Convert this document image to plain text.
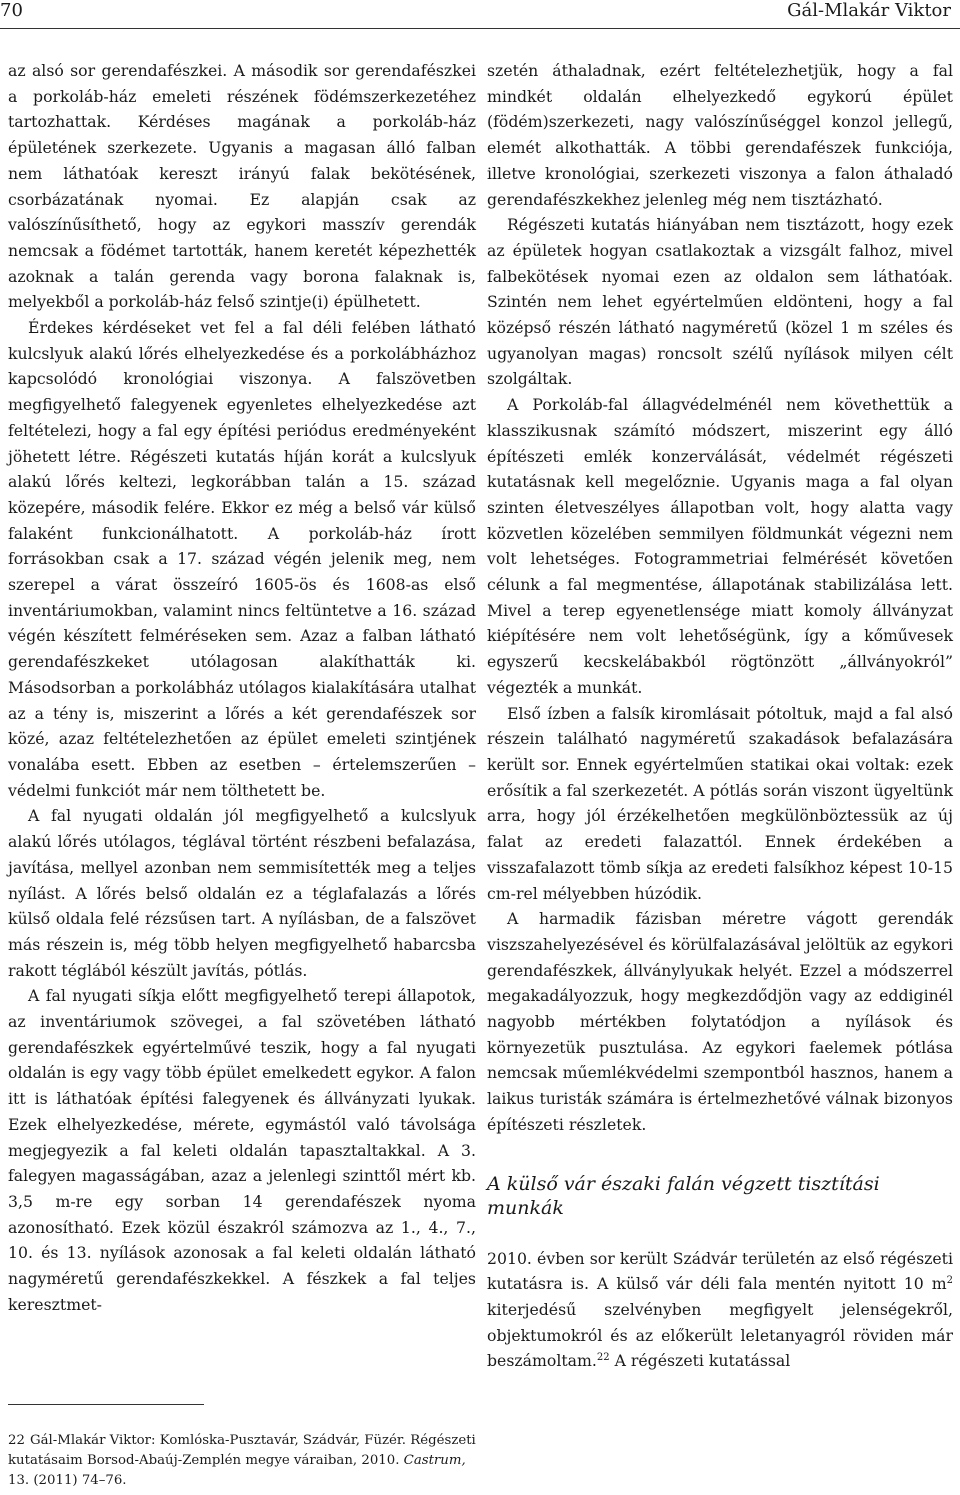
70	Gál-Mlakár Viktor

az alsó sor gerendafészkei. A második sor gerendafészkei a porkoláb-ház emeleti részének födémszerkezetéhez tartozhattak. Kérdéses magának a porkoláb-ház épületének szerkezete. Ugyanis a magasan álló falban nem láthatóak kereszt irányú falak bekötésének, csorbázatának nyomai. Ez alapján csak az valószínűsíthető, hogy az egykori masszív gerendák nemcsak a födémet tartották, hanem keretét képezhették azoknak a talán gerenda vagy borona falaknak is, melyekből a porkoláb-ház felső szintje(i) épülhetett.

Érdekes kérdéseket vet fel a fal déli felében látható kulcslyuk alakú lőrés elhelyezkedése és a porkolábházhoz kapcsolódó kronológiai viszonya. A falszövetben megfigyelhető falegyenek egyenletes elhelyezkedése azt feltételezi, hogy a fal egy építési periódus eredményeként jöhetett létre. Régészeti kutatás híján korát a kulcslyuk alakú lőrés keltezi, legkorábban talán a 15. század közepére, második felére. Ekkor ez még a belső vár külső falaként funkcionálhatott. A porkoláb-ház írott forrásokban csak a 17. század végén jelenik meg, nem szerepel a várat összeíró 1605-ös és 1608-as első inventáriumokban, valamint nincs feltüntetve a 16. század végén készített felméréseken sem. Azaz a falban látható gerendafészkeket utólagosan alakíthatták ki. Másodsorban a porkolábház utólagos kialakítására utalhat az a tény is, miszerint a lőrés a két gerendafészek sor közé, azaz feltételezhetően az épület emeleti szintjének vonalába esett. Ebben az esetben – értelemszerűen – védelmi funkciót már nem tölthetett be.

A fal nyugati oldalán jól megfigyelhető a kulcslyuk alakú lőrés utólagos, téglával történt részbeni befalazása, javítása, mellyel azonban nem semmisítették meg a teljes nyílást. A lőrés belső oldalán ez a téglafalazás a lőrés külső oldala felé rézsűsen tart. A nyílásban, de a falszövet más részein is, még több helyen megfigyelhető habarcsba rakott téglából készült javítás, pótlás.

A fal nyugati síkja előtt megfigyelhető terepi állapotok, az inventáriumok szövegei, a fal szövetében látható gerendafészkek egyértelművé teszik, hogy a fal nyugati oldalán is egy vagy több épület emelkedett egykor. A falon itt is láthatóak építési falegyenek és állványzati lyukak. Ezek elhelyezkedése, mérete, egymástól való távolsága megjegyezik a fal keleti oldalán tapasztaltakkal. A 3. falegyen magasságában, azaz a jelenlegi szinttől mért kb. 3,5 m-re egy sorban 14 gerendafészek nyoma azonosítható. Ezek közül északról számozva az 1., 4., 7., 10. és 13. nyílások azonosak a fal keleti oldalán látható nagyméretű gerendafészkekkel. A fészkek a fal teljes keresztmet-

szetén áthaladnak, ezért feltételezhetjük, hogy a fal mindkét oldalán elhelyezkedő egykorú épület (födém)szerkezeti, nagy valószínűséggel konzol jellegű, elemét alkothatták. A többi gerendafészek funkciója, illetve kronológiai, szerkezeti viszonya a falon áthaladó gerendafészkekhez jelenleg még nem tisztázható.

Régészeti kutatás hiányában nem tisztázott, hogy ezek az épületek hogyan csatlakoztak a vizsgált falhoz, mivel falbekötések nyomai ezen az oldalon sem láthatóak. Szintén nem lehet egyértelműen eldönteni, hogy a fal középső részén látható nagyméretű (közel 1 m széles és ugyanolyan magas) roncsolt szélű nyílások milyen célt szolgáltak.

A Porkoláb-fal állagvédelménél nem követhettük a klasszikusnak számító módszert, miszerint egy álló építészeti emlék konzerválását, védelmét régészeti kutatásnak kell megelőznie. Ugyanis maga a fal olyan szinten életveszélyes állapotban volt, hogy alatta vagy közvetlen közelében semmilyen földmunkát végezni nem volt lehetséges. Fotogrammetriai felmérését követően célunk a fal megmentése, állapotának stabilizálása lett. Mivel a terep egyenetlensége miatt komoly állványzat kiépítésére nem volt lehetőségünk, így a kőművesek egyszerű kecskelábakból rögtönzött „állványokról” végezték a munkát.

Első ízben a falsík kiromlásait pótoltuk, majd a fal alsó részein található nagyméretű szakadások befalazására került sor. Ennek egyértelműen statikai okai voltak: ezek erősítik a fal szerkezetét. A pótlás során viszont ügyeltünk arra, hogy jól érzékelhetően megkülönböztessük az új falat az eredeti falazattól. Ennek érdekében a visszafalazott tömb síkja az eredeti falsíkhoz képest 10-15 cm-rel mélyebben húzódik.

A harmadik fázisban méretre vágott gerendák viszszahelyezésével és körülfalazásával jelöltük az egykori gerendafészkek, állványlyukak helyét. Ezzel a módszerrel megakadályozzuk, hogy megkezdődjön vagy az eddiginél nagyobb mértékben folytatódjon a nyílások és környezetük pusztulása. Az egykori faelemek pótlása nemcsak műemlékvédelmi szempontból hasznos, hanem a laikus turisták számára is értelmezhetővé válnak bizonyos építészeti részletek.

A külső vár északi falán végzett tisztítási munkák

2010. évben sor került Szádvár területén az első régészeti kutatásra is. A külső vár déli fala mentén nyitott 10 $m^2$ kiterjedésű szelvényben megfigyelt jelenségekről, objektumokról és az előkerült leletanyagról röviden már beszámoltam.$^{22}$ A régészeti kutatással

22 Gál-Mlakár Viktor: Komlóska-Pusztavár, Szádvár, Füzér. Régészeti kutatásaim Borsod-Abaúj-Zemplén megye váraiban, 2010. Castrum, 13. (2011) 74–76.
